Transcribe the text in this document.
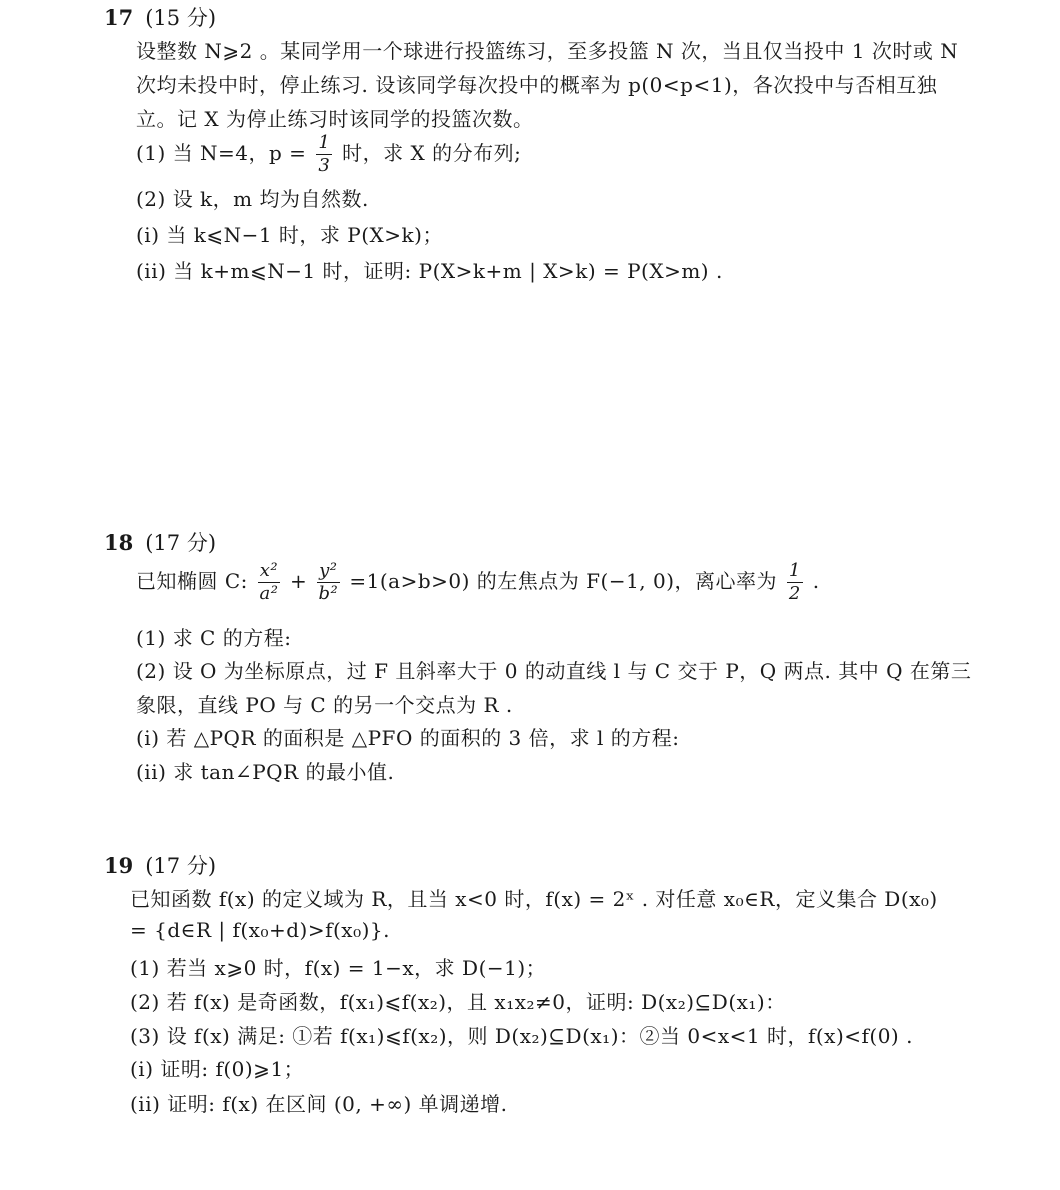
17 (15 分)
设整数 N⩾2 。某同学用一个球进行投篮练习，至多投篮 N 次，当且仅当投中 1 次时或 N
次均未投中时，停止练习. 设该同学每次投中的概率为 p(0<p<1)，各次投中与否相互独
立。记 X 为停止练习时该同学的投篮次数。
(1) 当 N=4，$p = \frac{1}{3}$ 时，求 X 的分布列;
(2) 设 k，m 均为自然数.
(i) 当 k⩽N−1 时，求 P(X>k)；
(ii) 当 k+m⩽N−1 时，证明: P(X>k+m | X>k) = P(X>m) .
18 (17 分)
已知椭圆 C: $\frac{\text{x²}}{\text{a²}} + \frac{\text{y²}}{\text{b²}} =1(a>b>0)$ 的左焦点为 F(−1, 0)，离心率为 $\frac{1}{2}$ .
(1) 求 C 的方程:
(2) 设 O 为坐标原点，过 F 且斜率大于 0 的动直线 l 与 C 交于 P，Q 两点. 其中 Q 在第三
象限，直线 PO 与 C 的另一个交点为 R .
(i) 若 △PQR 的面积是 △PFO 的面积的 3 倍，求 l 的方程:
(ii) 求 tan∠PQR 的最小值.
19 (17 分)
已知函数 f(x) 的定义域为 R，且当 x<0 时，f(x) = 2ˣ . 对任意 x₀∈R，定义集合 D(x₀)
= {d∈R | f(x₀+d)>f(x₀)}.
(1) 若当 x⩾0 时，f(x) = 1−x，求 D(−1)；
(2) 若 f(x) 是奇函数，f(x₁)⩽f(x₂)，且 x₁x₂≠0，证明: D(x₂)⊆D(x₁)：
(3) 设 f(x) 满足: ①若 f(x₁)⩽f(x₂)，则 D(x₂)⊆D(x₁)：②当 0<x<1 时，f(x)<f(0) .
(i) 证明: f(0)⩾1；
(ii) 证明: f(x) 在区间 (0, +∞) 单调递增.
